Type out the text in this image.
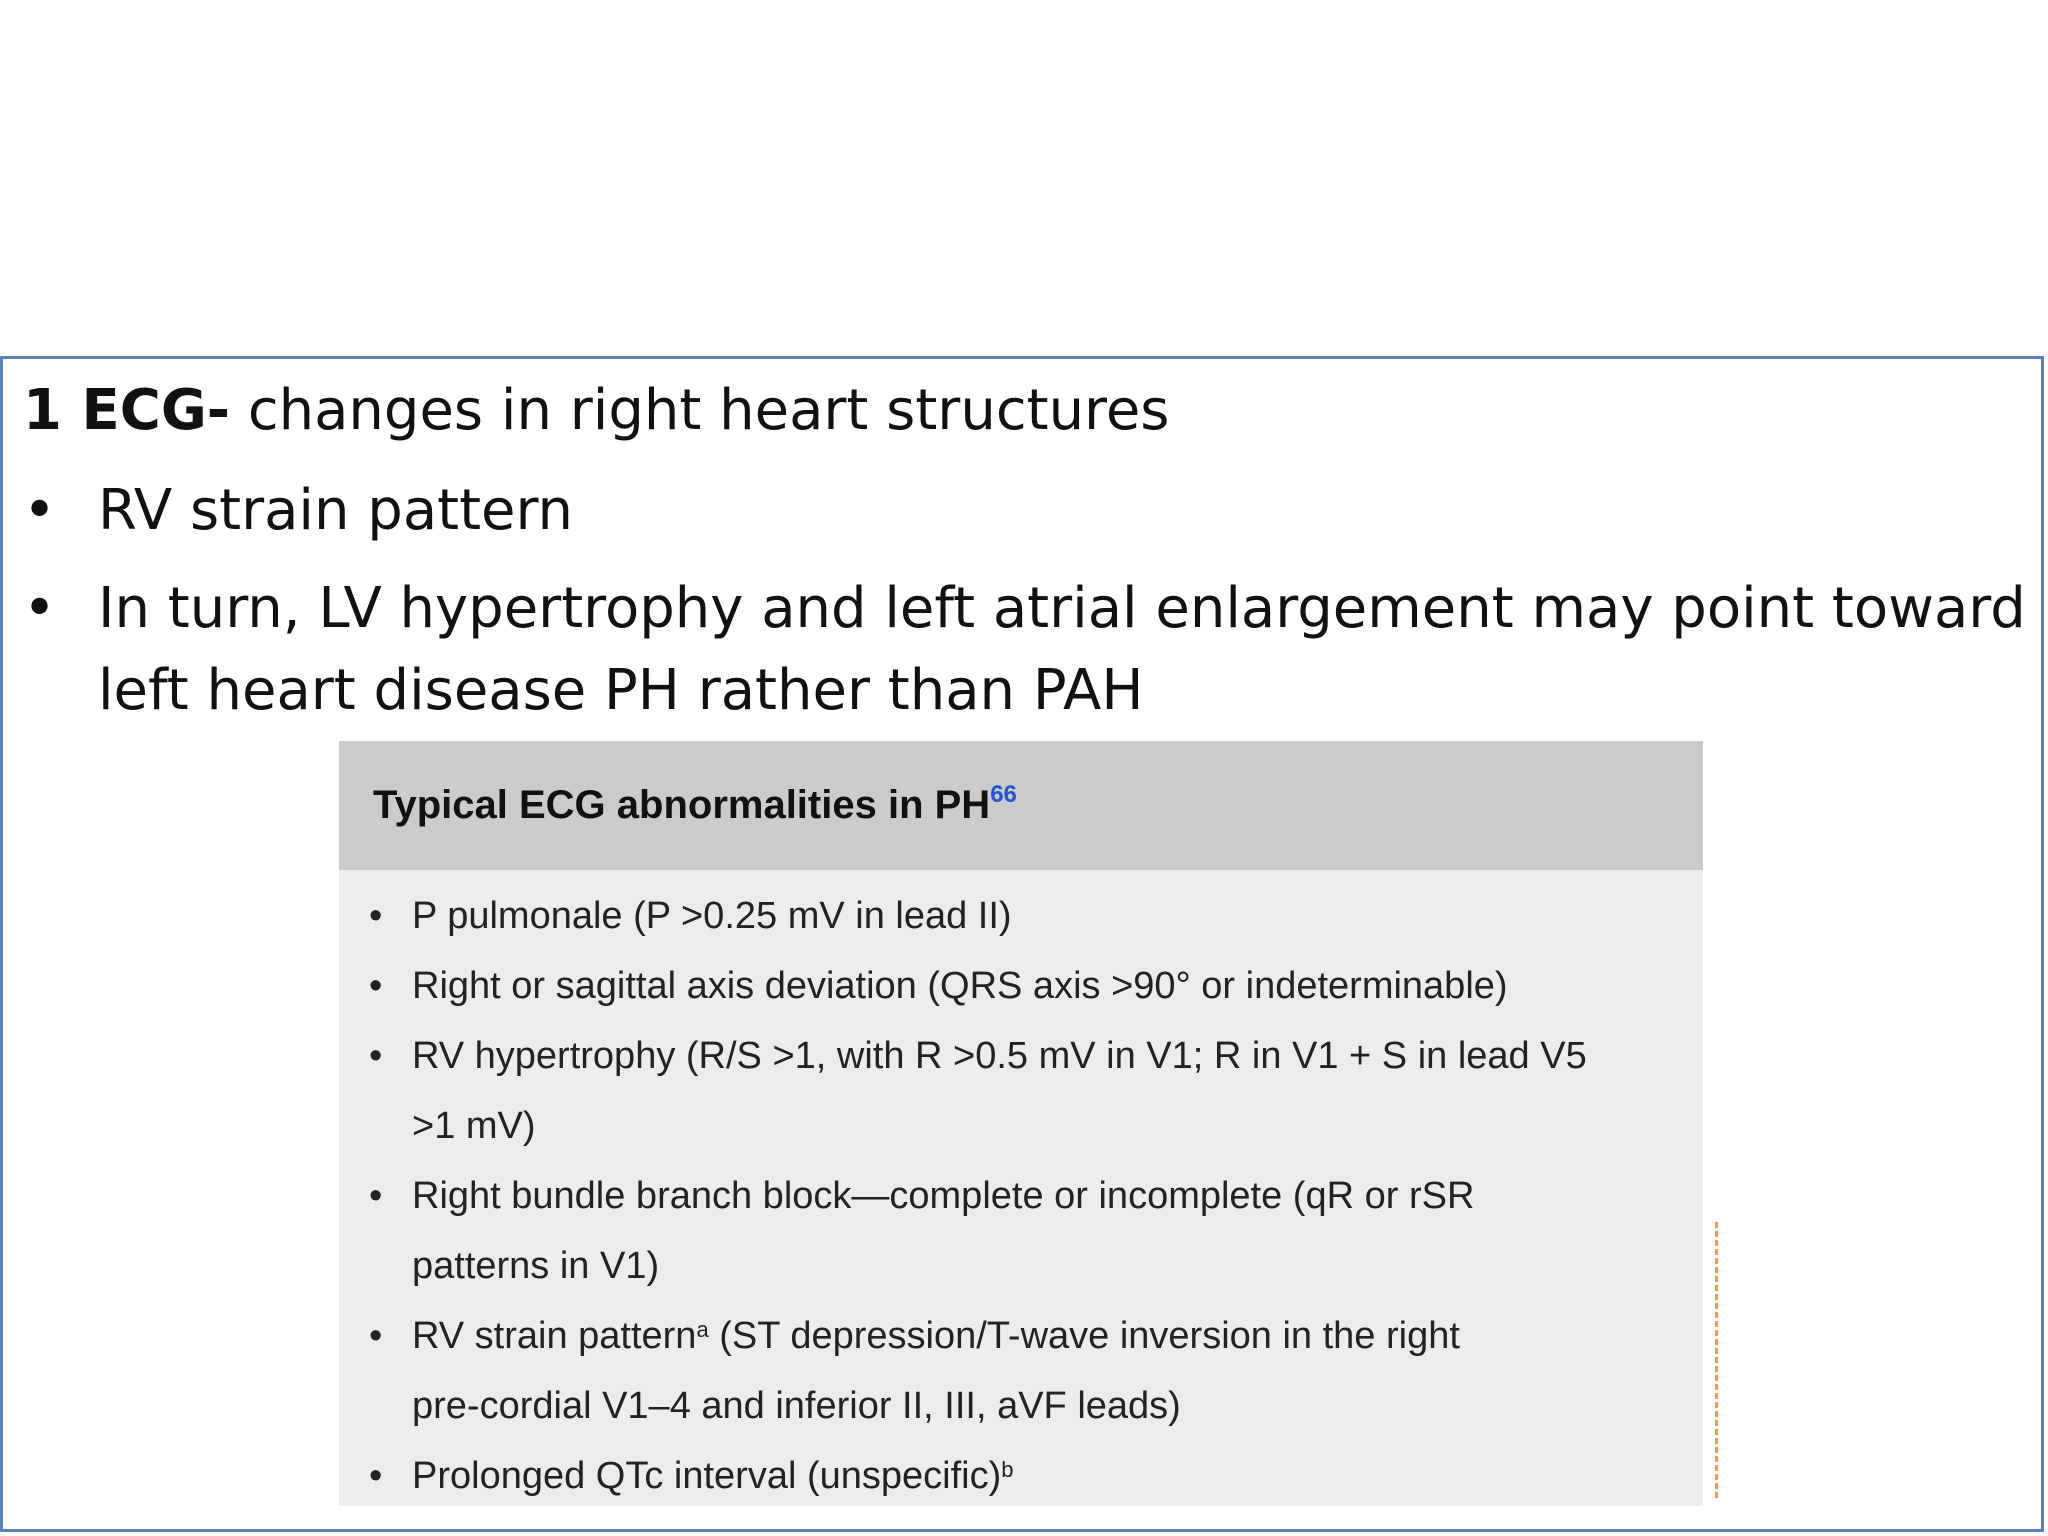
1 ECG- changes in right heart structures
• RV strain pattern
• In turn, LV hypertrophy and left atrial enlargement may point toward left heart disease PH rather than PAH
Typical ECG abnormalities in PH$^{66}$
• P pulmonale (P >0.25 mV in lead II)
• Right or sagittal axis deviation (QRS axis >90° or indeterminable)
• RV hypertrophy (R/S >1, with R >0.5 mV in V1; R in V1 + S in lead V5
>1 mV)
• Right bundle branch block—complete or incomplete (qR or rSR
patterns in V1)
• RV strain pattern$^a$ (ST depression/T-wave inversion in the right
pre-cordial V1–4 and inferior II, III, aVF leads)
• Prolonged QTc interval (unspecific)$^b$
